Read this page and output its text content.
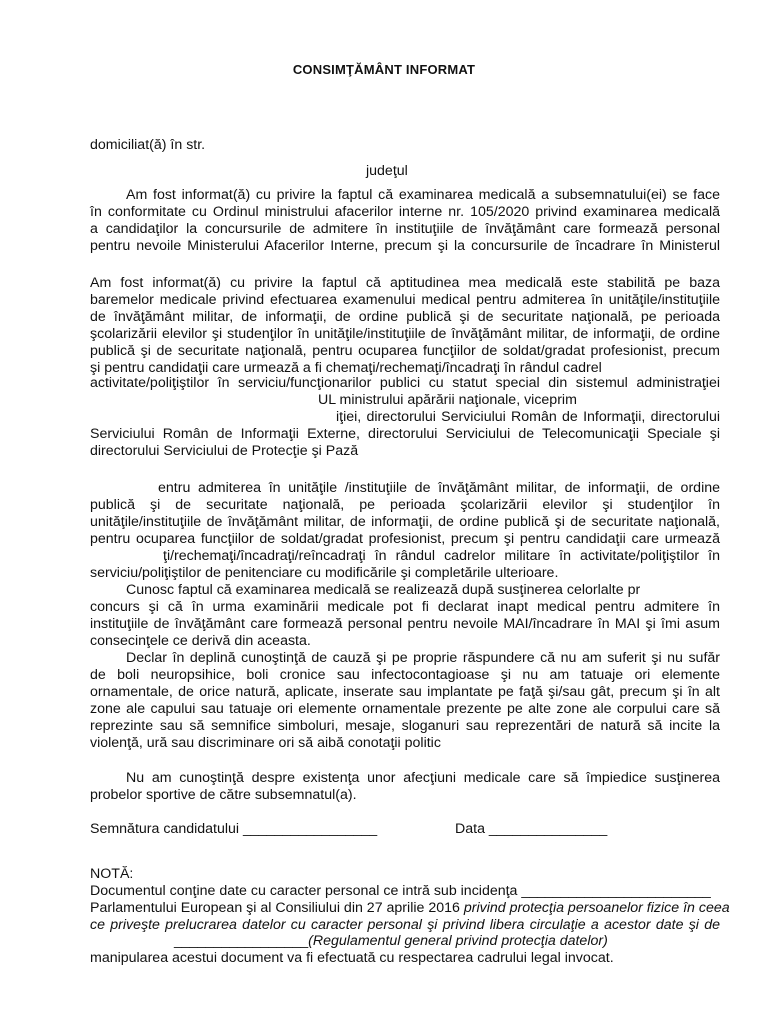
CONSIMŢĂMÂNT INFORMAT
domiciliat(ă) în str.
judeţul
Am fost informat(ă) cu privire la faptul că examinarea medicală a subsemnatului(ei) se face
în conformitate cu Ordinul ministrului afacerilor interne nr. 105/2020 privind examinarea medicală
a candidaţilor la concursurile de admitere în instituţiile de învăţământ care formează personal
pentru nevoile Ministerului Afacerilor Interne, precum şi la concursurile de încadrare în Ministerul
Am fost informat(ă) cu privire la faptul că aptitudinea mea medicală este stabilită pe baza
baremelor medicale privind efectuarea examenului medical pentru admiterea în unităţile/instituţiile
de învăţământ militar, de informaţii, de ordine publică şi de securitate naţională, pe perioada
şcolarizării elevilor şi studenţilor în unităţile/instituţiile de învăţământ militar, de informaţii, de ordine
publică şi de securitate naţională, pentru ocuparea funcţiilor de soldat/gradat profesionist, precum
şi pentru candidaţii care urmează a fi chemaţi/rechemaţi/încadraţi în rândul cadrel
activitate/poliţiştilor în serviciu/funcţionarilor publici cu statut special din sistemul administraţiei
UL ministrului apărării naţionale, viceprim
iţiei, directorului Serviciului Român de Informaţii, directorului
Serviciului Român de Informaţii Externe, directorului Serviciului de Telecomunicaţii Speciale şi
directorului Serviciului de Protecţie şi Pază
entru admiterea în unităţile /instituţiile de învăţământ militar, de informaţii, de ordine
publică şi de securitate naţională, pe perioada şcolarizării elevilor şi studenţilor în
unităţile/instituţiile de învăţământ militar, de informaţii, de ordine publică şi de securitate naţională,
pentru ocuparea funcţiilor de soldat/gradat profesionist, precum şi pentru candidaţii care urmează
ţi/rechemaţi/încadraţi/reîncadraţi în rândul cadrelor militare în activitate/poliţiştilor în
serviciu/poliţiştilor de penitenciare cu modificările şi completările ulterioare.
Cunosc faptul că examinarea medicală se realizează după susţinerea celorlalte pr
concurs şi că în urma examinării medicale pot fi declarat inapt medical pentru admitere în
instituţiile de învăţământ care formează personal pentru nevoile MAI/încadrare în MAI şi îmi asum
consecinţele ce derivă din aceasta.
Declar în deplină cunoştinţă de cauză şi pe proprie răspundere că nu am suferit şi nu sufăr
de boli neuropsihice, boli cronice sau infectocontagioase şi nu am tatuaje ori elemente
ornamentale, de orice natură, aplicate, inserate sau implantate pe faţă şi/sau gât, precum şi în alt
zone ale capului sau tatuaje ori elemente ornamentale prezente pe alte zone ale corpului care să
reprezinte sau să semnifice simboluri, mesaje, sloganuri sau reprezentări de natură să incite la
violenţă, ură sau discriminare ori să aibă conotaţii politic
Nu am cunoştinţă despre existenţa unor afecţiuni medicale care să împiedice susţinerea
probelor sportive de către subsemnatul(a).
Semnătura candidatului _________________	Data _______________
NOTĂ:
Documentul conţine date cu caracter personal ce intră sub incidenţa ________________________
Parlamentului European şi al Consiliului din 27 aprilie 2016 privind protecţia persoanelor fizice în ceea
ce priveşte prelucrarea datelor cu caracter personal şi privind libera circulaţie a acestor date şi de
_________________(Regulamentul general privind protecţia datelor)
manipularea acestui document va fi efectuată cu respectarea cadrului legal invocat.
